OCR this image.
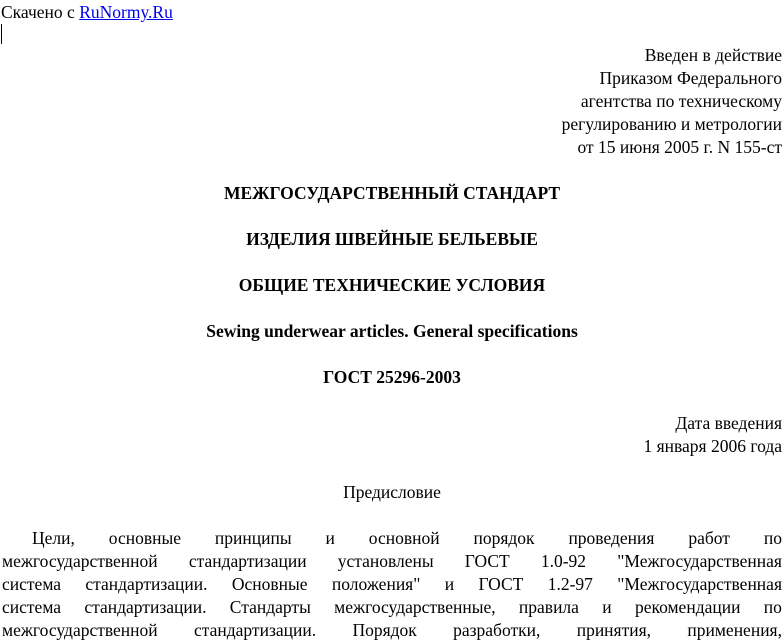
Скачено с RuNormy.Ru
Введен в действие
Приказом Федерального
агентства по техническому
регулированию и метрологии
от 15 июня 2005 г. N 155-ст
МЕЖГОСУДАРСТВЕННЫЙ СТАНДАРТ
ИЗДЕЛИЯ ШВЕЙНЫЕ БЕЛЬЕВЫЕ
ОБЩИЕ ТЕХНИЧЕСКИЕ УСЛОВИЯ
Sewing underwear articles. General specifications
ГОСТ 25296-2003
Дата введения
1 января 2006 года
Предисловие
Цели, основные принципы и основной порядок проведения работ по
межгосударственной стандартизации установлены ГОСТ 1.0-92 "Межгосударственная
система стандартизации. Основные положения" и ГОСТ 1.2-97 "Межгосударственная
система стандартизации. Стандарты межгосударственные, правила и рекомендации по
межгосударственной стандартизации. Порядок разработки, принятия, применения,
